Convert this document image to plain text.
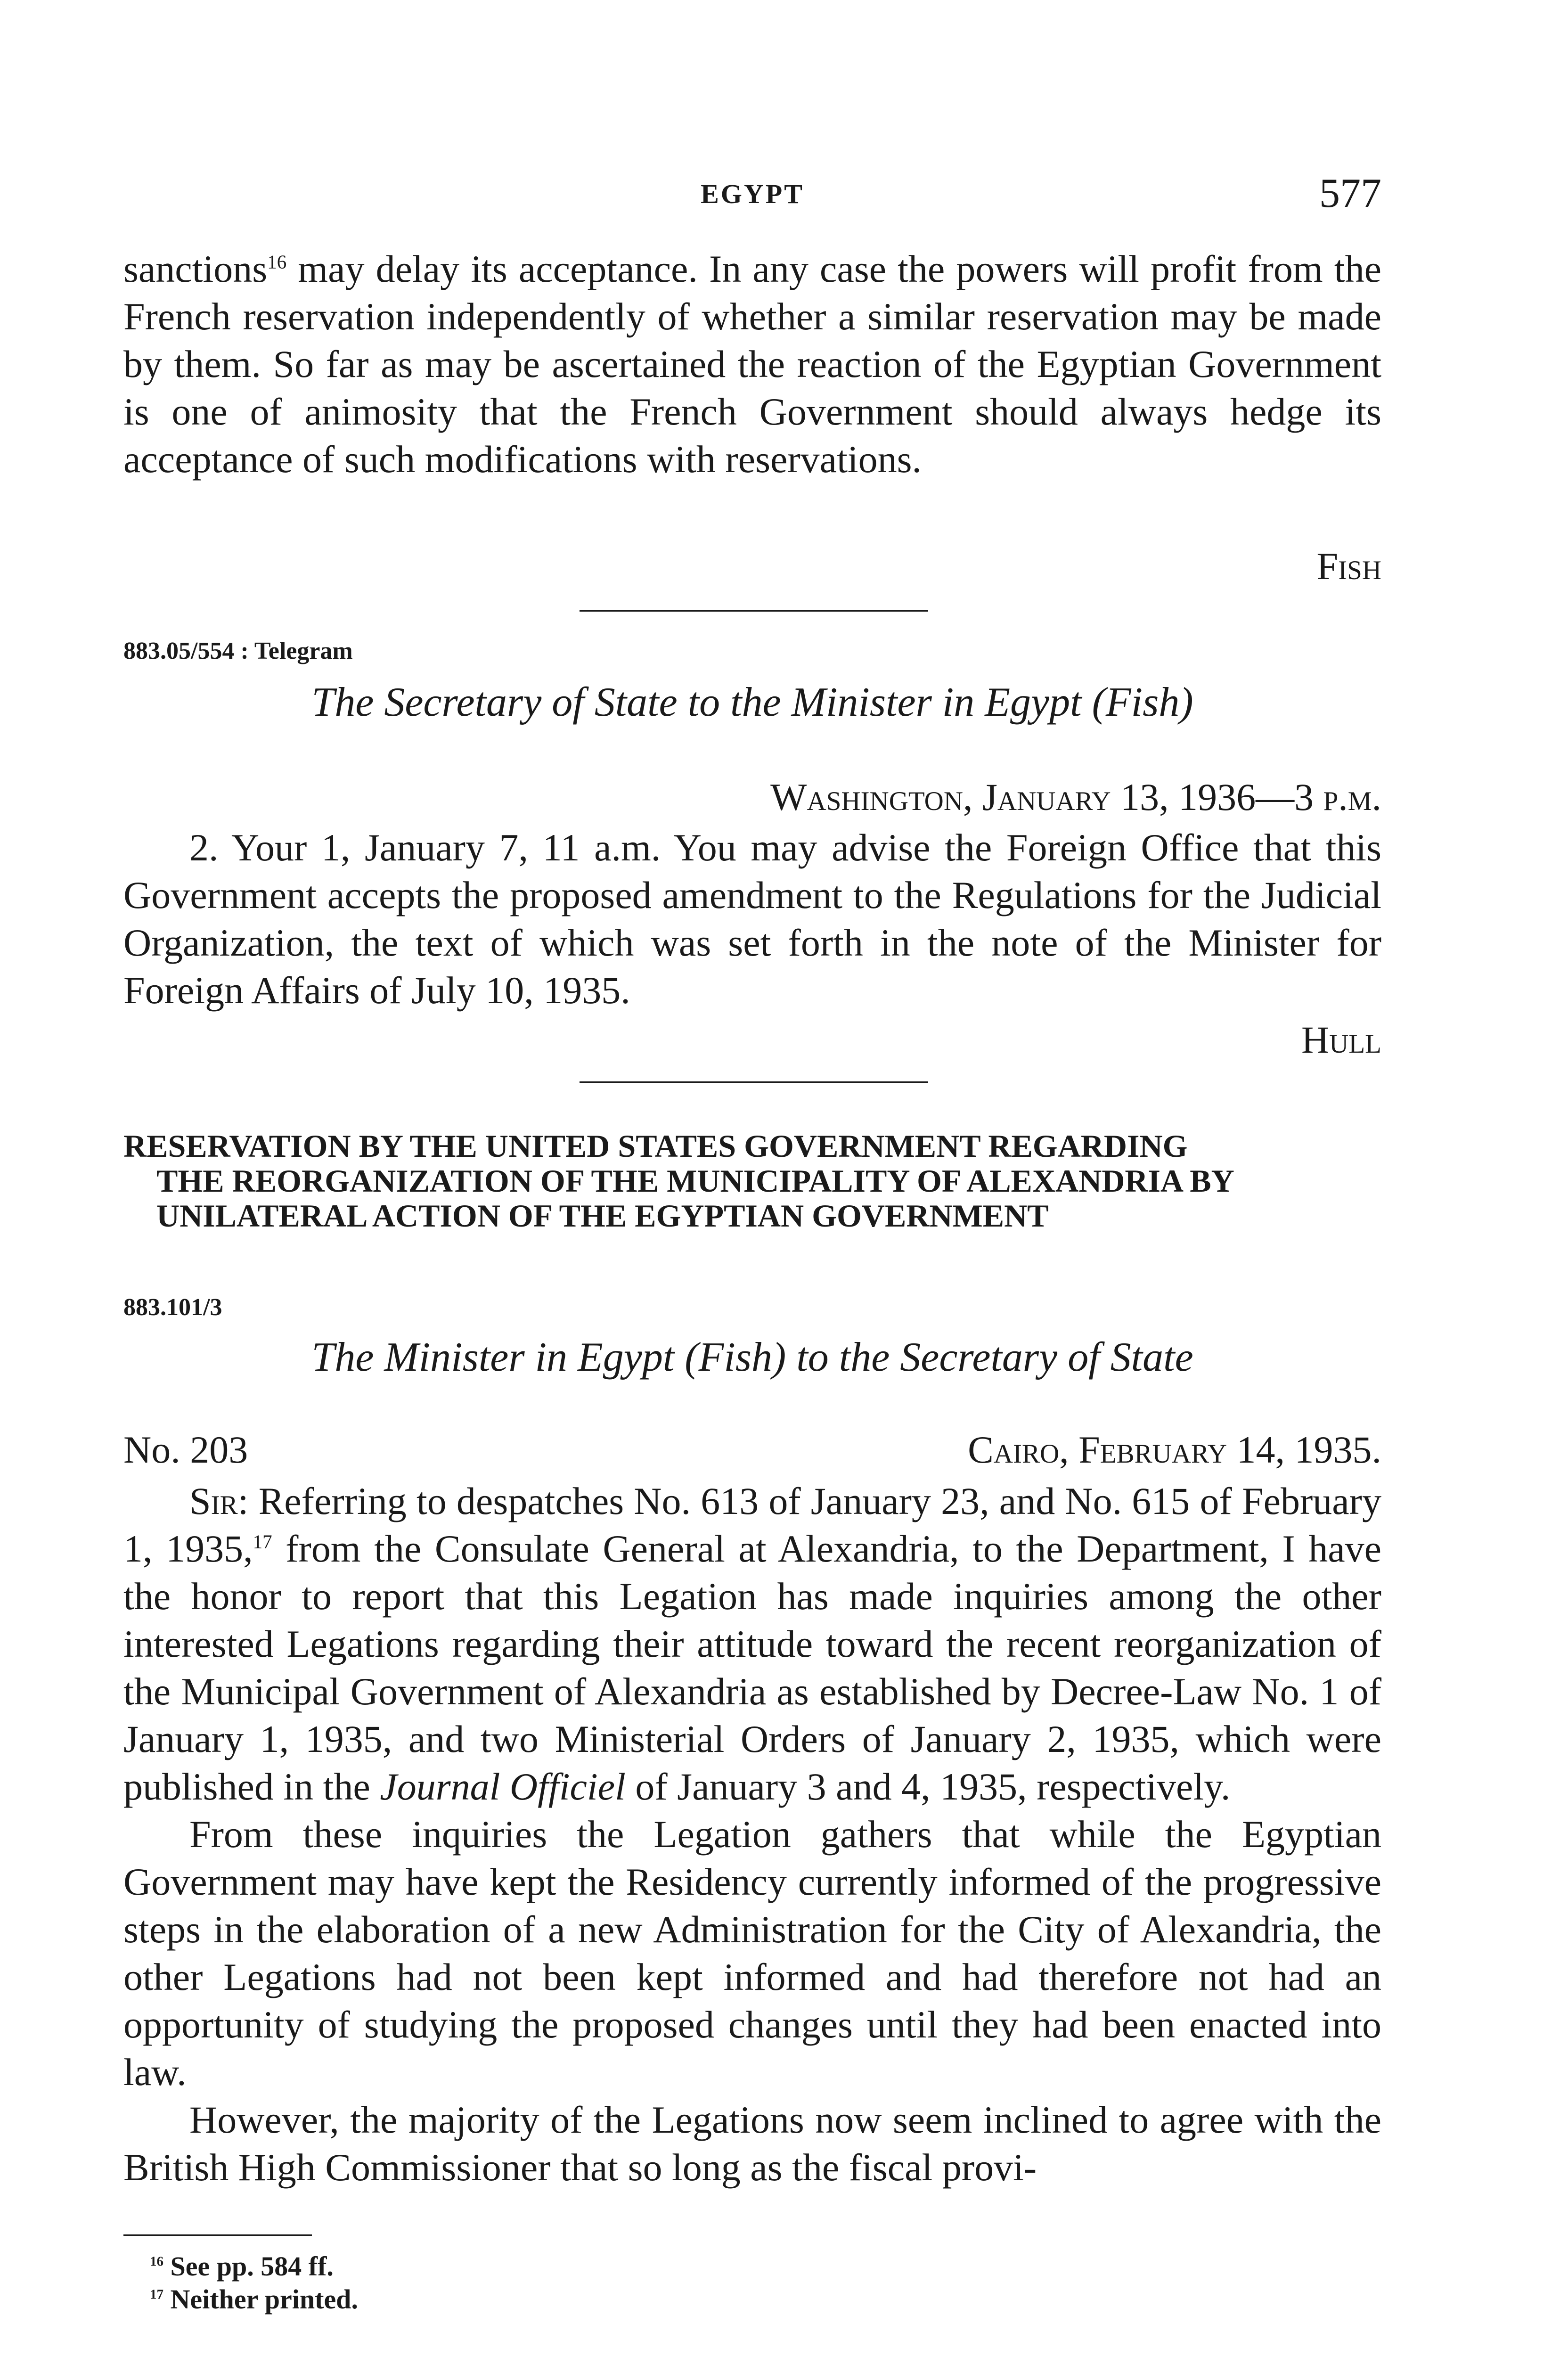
EGYPT	577

sanctions$^{16}$ may delay its acceptance. In any case the powers will profit from the French reservation independently of whether a similar reservation may be made by them. So far as may be ascertained the reaction of the Egyptian Government is one of animosity that the French Government should always hedge its acceptance of such modifications with reservations.

Fish
883.05/554 : Telegram
The Secretary of State to the Minister in Egypt (Fish)
Washington, January 13, 1936—3 p.m.

2. Your 1, January 7, 11 a.m. You may advise the Foreign Office that this Government accepts the proposed amendment to the Regulations for the Judicial Organization, the text of which was set forth in the note of the Minister for Foreign Affairs of July 10, 1935.

Hull
RESERVATION BY THE UNITED STATES GOVERNMENT REGARDING
THE REORGANIZATION OF THE MUNICIPALITY OF ALEXANDRIA BY
UNILATERAL ACTION OF THE EGYPTIAN GOVERNMENT
883.101/3
The Minister in Egypt (Fish) to the Secretary of State
No. 203	Cairo, February 14, 1935.

Sir: Referring to despatches No. 613 of January 23, and No. 615 of February 1, 1935,17 from the Consulate General at Alexandria, to the Department, I have the honor to report that this Legation has made inquiries among the other interested Legations regarding their attitude toward the recent reorganization of the Municipal Government of Alexandria as established by Decree-Law No. 1 of January 1, 1935, and two Ministerial Orders of January 2, 1935, which were published in the Journal Officiel of January 3 and 4, 1935, respectively.

From these inquiries the Legation gathers that while the Egyptian Government may have kept the Residency currently informed of the progressive steps in the elaboration of a new Administration for the City of Alexandria, the other Legations had not been kept informed and had therefore not had an opportunity of studying the proposed changes until they had been enacted into law.

However, the majority of the Legations now seem inclined to agree with the British High Commissioner that so long as the fiscal provi-

$^{16}$ See pp. 584 ff.
$^{17}$ Neither printed.
